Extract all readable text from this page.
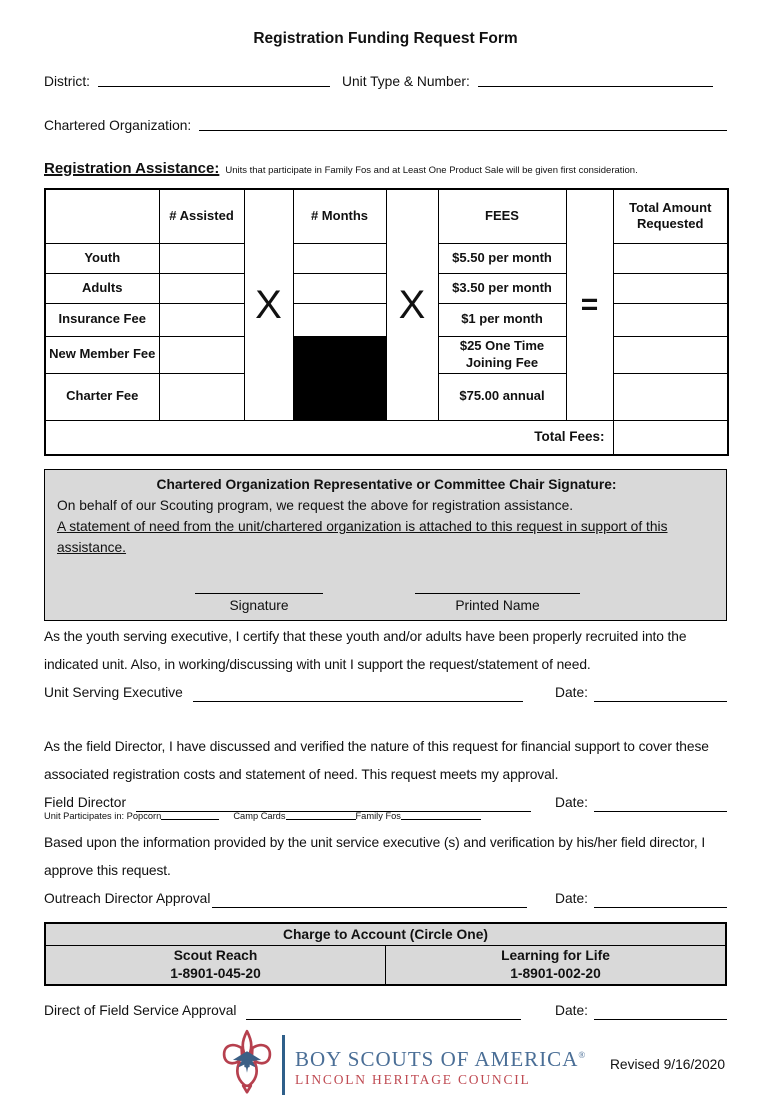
Registration Funding Request Form
District:	Unit Type & Number:
Chartered Organization:
Registration Assistance: Units that participate in Family Fos and at Least One Product Sale will be given first consideration.
	# Assisted	X	# Months	X	FEES	=	Total Amount Requested
Youth					$5.50 per month		
Adults					$3.50 per month		
Insurance Fee					$1 per month		
New Member Fee					$25 One Time Joining Fee		
Charter Fee					$75.00 annual		
Total Fees:							
Chartered Organization Representative or Committee Chair Signature:
On behalf of our Scouting program, we request the above for registration assistance.
A statement of need from the unit/chartered organization is attached to this request in support of this assistance.
Signature	Printed Name
As the youth serving executive, I certify that these youth and/or adults have been properly recruited into the indicated unit. Also, in working/discussing with unit I support the request/statement of need.
Unit Serving Executive	Date:
As the field Director, I have discussed and verified the nature of this request for financial support to cover these associated registration costs and statement of need. This request meets my approval.
Field Director	Date:
Unit Participates in: Popcorn	Camp Cards	Family Fos
Based upon the information provided by the unit service executive (s) and verification by his/her field director, I approve this request.
Outreach Director Approval	Date:
Charge to Account (Circle One)

Scout Reach
1-8901-045-20

Learning for Life
1-8901-002-20
Direct of Field Service Approval	Date:
BOY SCOUTS OF AMERICA®
LINCOLN HERITAGE COUNCIL
Revised 9/16/2020
